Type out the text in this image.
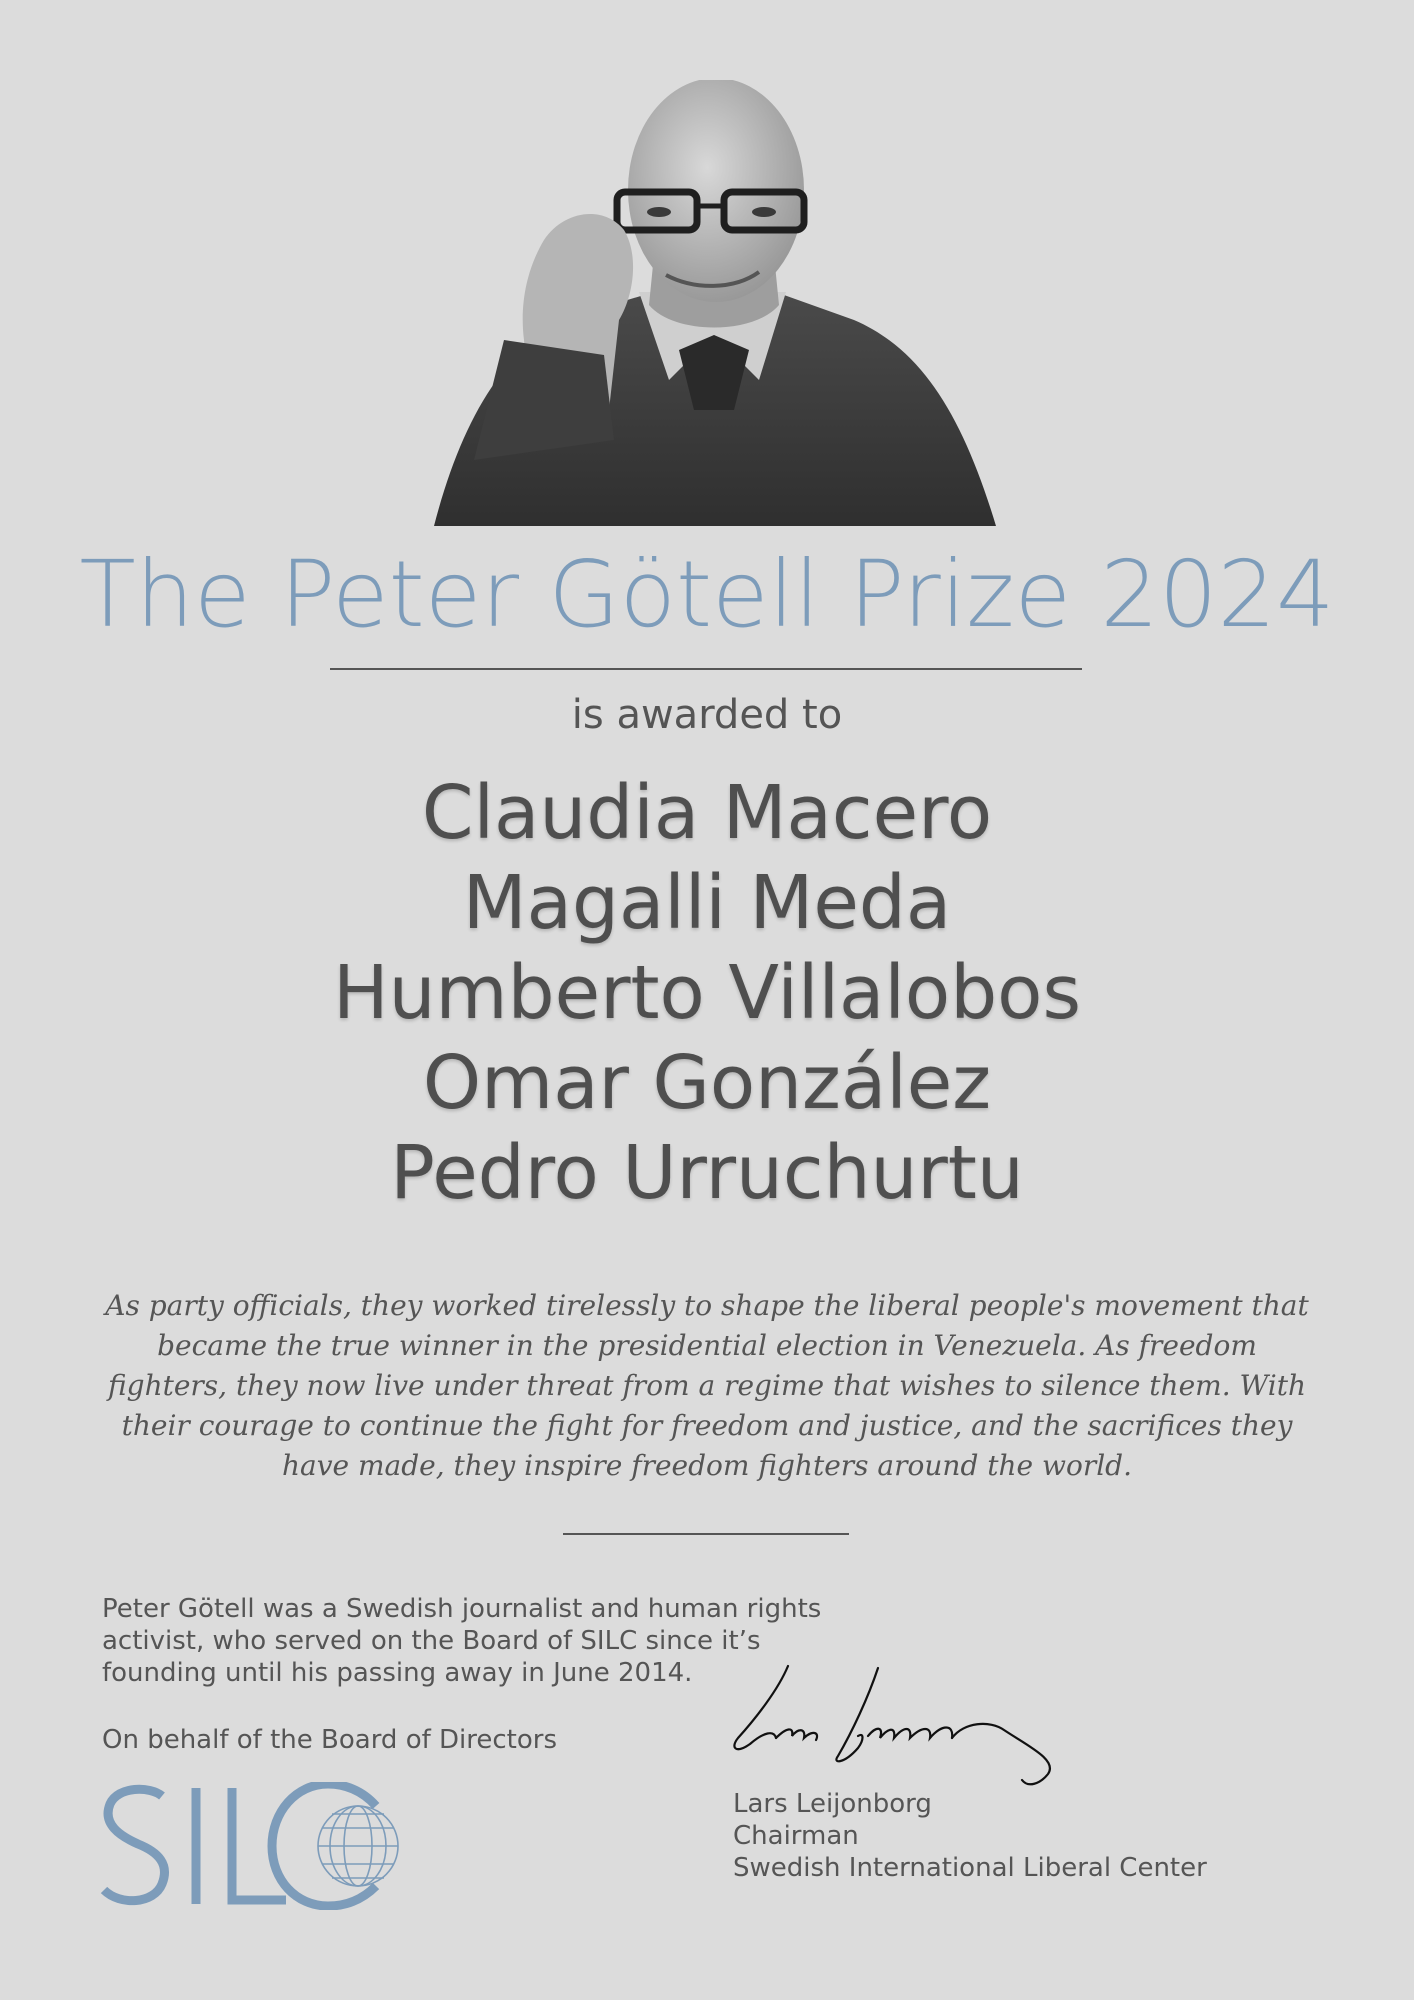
The Peter Götell Prize 2024
is awarded to
Claudia Macero
Magalli Meda
Humberto Villalobos
Omar González
Pedro Urruchurtu
As party officials, they worked tirelessly to shape the liberal people's movement that became the true winner in the presidential election in Venezuela. As freedom fighters, they now live under threat from a regime that wishes to silence them. With their courage to continue the fight for freedom and justice, and the sacrifices they have made, they inspire freedom fighters around the world.
Peter Götell was a Swedish journalist and human rights activist, who served on the Board of SILC since it’s founding until his passing away in June 2014.
On behalf of the Board of Directors
Lars Leijonborg
Chairman
Swedish International Liberal Center
